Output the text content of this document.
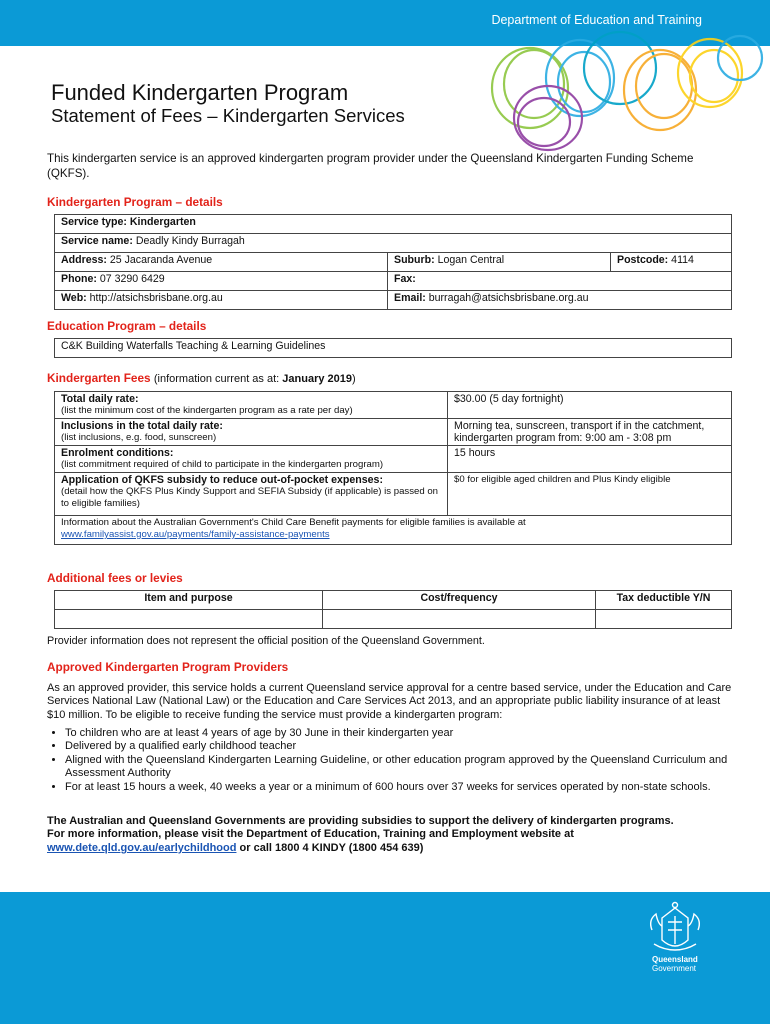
Department of Education and Training
Funded Kindergarten Program
Statement of Fees – Kindergarten Services
This kindergarten service is an approved kindergarten program provider under the Queensland Kindergarten Funding Scheme (QKFS).
Kindergarten Program – details
Service type: Kindergarten		
Service name: Deadly Kindy Burragah		
Address: 25 Jacaranda Avenue	Suburb: Logan Central	Postcode: 4114
Phone: 07 3290 6429	Fax:	
Web: http://atsichsbrisbane.org.au	Email: burragah@atsichsbrisbane.org.au	
Education Program – details
C&K Building Waterfalls Teaching & Learning Guidelines
Kindergarten Fees (information current as at: January 2019)
Total daily rate:
(list the minimum cost of the kindergarten program as a rate per day)	$30.00 (5 day fortnight)

Inclusions in the total daily rate:
(list inclusions, e.g. food, sunscreen)	Morning tea, sunscreen, transport if in the catchment, kindergarten program from: 9:00 am - 3:08 pm

Enrolment conditions:
(list commitment required of child to participate in the kindergarten program)	15 hours

Application of QKFS subsidy to reduce out-of-pocket expenses:
(detail how the QKFS Plus Kindy Support and SEFIA Subsidy (if applicable) is passed on to eligible families)	$0 for eligible aged children and Plus Kindy eligible

Information about the Australian Government's Child Care Benefit payments for eligible families is available at
www.familyassist.gov.au/payments/family-assistance-payments	
Additional fees or levies
Item and purpose	Cost/frequency	Tax deductible Y/N

Provider information does not represent the official position of the Queensland Government.
Approved Kindergarten Program Providers
As an approved provider, this service holds a current Queensland service approval for a centre based service, under the Education and Care Services National Law (National Law) or the Education and Care Services Act 2013, and an appropriate public liability insurance of at least $10 million. To be eligible to receive funding the service must provide a kindergarten program:
• To children who are at least 4 years of age by 30 June in their kindergarten year
• Delivered by a qualified early childhood teacher
• Aligned with the Queensland Kindergarten Learning Guideline, or other education program approved by the Queensland Curriculum and Assessment Authority
• For at least 15 hours a week, 40 weeks a year or a minimum of 600 hours over 37 weeks for services operated by non-state schools.
The Australian and Queensland Governments are providing subsidies to support the delivery of kindergarten programs.
For more information, please visit the Department of Education, Training and Employment website at
www.dete.qld.gov.au/earlychildhood or call 1800 4 KINDY (1800 454 639)
Queensland
Government
